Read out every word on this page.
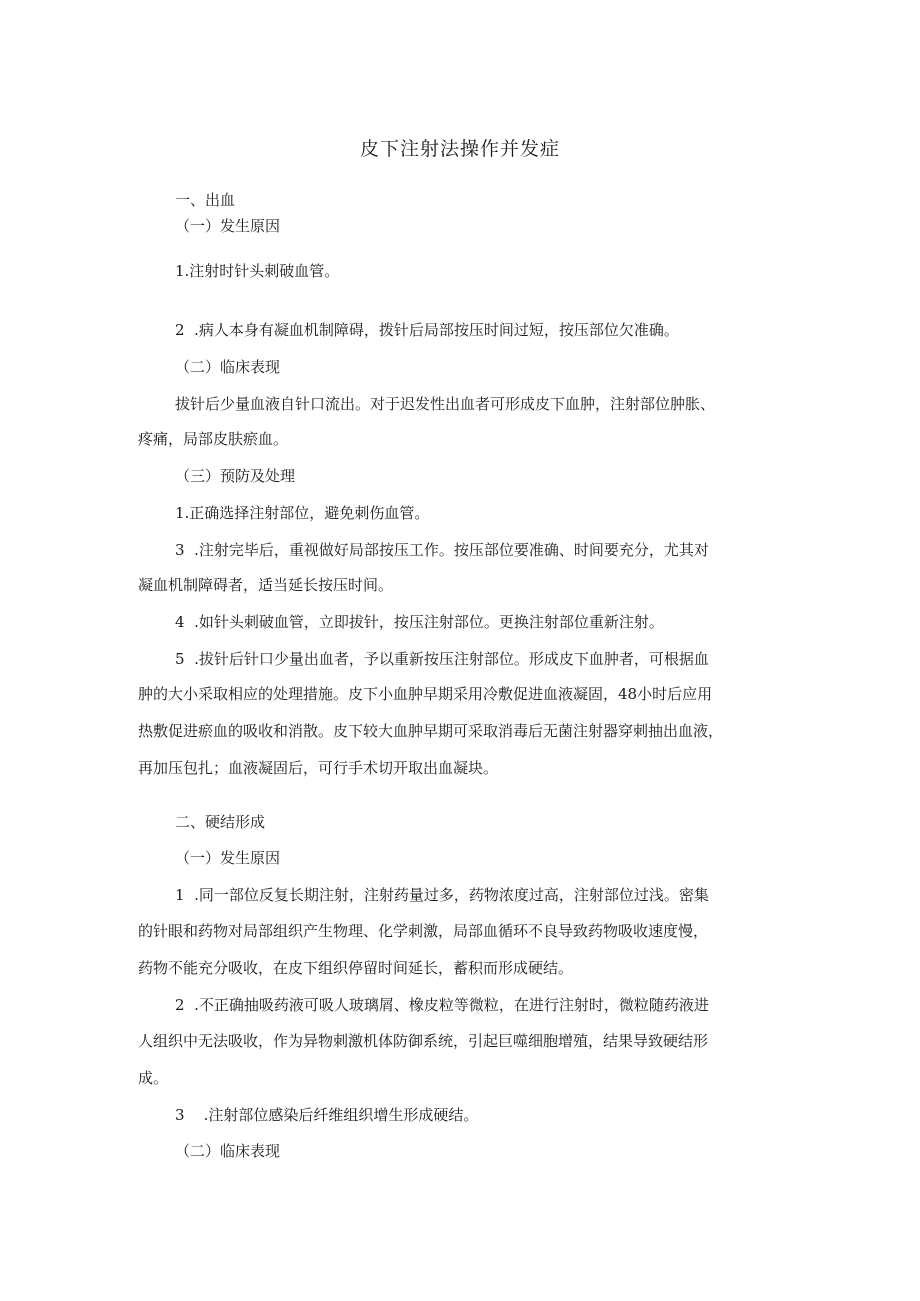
皮下注射法操作并发症
一、出血
（一）发生原因
1.注射时针头刺破血管。
2	.病人本身有凝血机制障碍，拨针后局部按压时间过短，按压部位欠准确。
（二）临床表现
拔针后少量血液自针口流出。对于迟发性出血者可形成皮下血肿，注射部位肿胀、
疼痛，局部皮肤瘀血。
（三）预防及处理
1.正确选择注射部位，避免刺伤血管。
3	.注射完毕后，重视做好局部按压工作。按压部位要准确、时间要充分，尤其对
凝血机制障碍者，适当延长按压时间。
4	.如针头刺破血管，立即拔针，按压注射部位。更换注射部位重新注射。
5	.拔针后针口少量出血者，予以重新按压注射部位。形成皮下血肿者，可根据血
肿的大小采取相应的处理措施。皮下小血肿早期采用冷敷促进血液凝固，48小时后应用
热敷促进瘀血的吸收和消散。皮下较大血肿早期可采取消毒后无菌注射器穿刺抽出血液，
再加压包扎；血液凝固后，可行手术切开取出血凝块。
二、硬结形成
（一）发生原因
1	.同一部位反复长期注射，注射药量过多，药物浓度过高，注射部位过浅。密集
的针眼和药物对局部组织产生物理、化学刺激，局部血循环不良导致药物吸收速度慢，
药物不能充分吸收，在皮下组织停留时间延长，蓄积而形成硬结。
2	.不正确抽吸药液可吸人玻璃屑、橡皮粒等微粒，在进行注射时，微粒随药液进
人组织中无法吸收，作为异物刺激机体防御系统，引起巨噬细胞增殖，结果导致硬结形
成。
3		.注射部位感染后纤维组织增生形成硬结。
（二）临床表现
